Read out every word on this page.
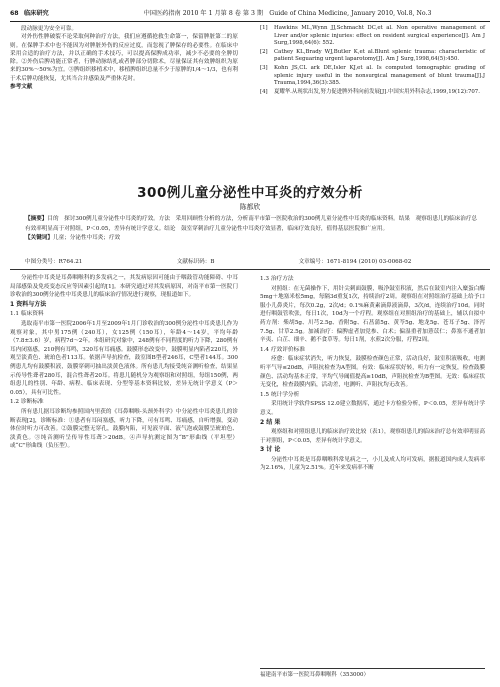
68 临床研究	中国医药指南 2010 年 1 月第 8 卷 第 3 期　Guide of China Medicine, January 2010, Vol.8, No.3

段动脉更为安全可靠。

对外伤性脾破裂不论采取何种治疗方法，我们应遵循抢救生命第一，保留脾脏第二的原则。在保脾手术中也不能因为对脾脏外伤的反应过度，而忽视了脾保存的必要性。在临床中采用合适的治疗方法，并以正确的手术技巧，可以提高保脾成功率，减少不必要的全脾切除。②外伤后脾功能正常者，行脾动脉结扎或者脾部分切除术，尽量保证其有效脾组织为原来的30%～50%为宜。③脾组织移植术中，移植脾组织总量不少于原脾的1/4～1/3，也有利于术后脾功能恢复，尤其当合并感染及严重休克时。

参考文献

[1]	Hawkins ML,Wynn JJ,Schmacht DC,et al. Non operative management of Liver and/or splenic injuries: effect on resident surgical experience[J]. Am J Surg,1998,64(6): 552.
[2]	Cathey KL,Brady WJ,Butler K,et al.Blunt splenic trauma: characteristic of patient Seguaring urgent laparotomy[J]. Am J Surg,1998,64(5):450.
[3]	Kohn JS,CL ark DE,Isler KJ,et al. Is computed tomographic grading of splenic injury useful in the nonsurgical management of blunt trauma[J].J Trauma,1994,36(3):385.
[4]	夏耀华.从现状出发,努力促进脾外科向前发展[J].中国实用外科杂志,1999,19(12):707.
300例儿童分泌性中耳炎的疗效分析
陈都欣
【摘要】目的　探讨300例儿童分泌性中耳炎的疗效。方法　采用回顾性分析的方法，分析南平市第一医院收治的300例儿童分泌性中耳炎的临床资料。结果　观察组患儿的临床治疗总有效率明显高于对照组，P＜0.05，差异有统计学意义。结论　鼓室穿刺治疗儿童分泌性中耳炎疗效显著，临床疗效良好，值得基层医院推广应用。
【关键词】儿童；分泌性中耳炎；疗效
中图分类号：R764.21	文献标识码：B	文章编号：1671-8194 (2010) 03-0068-02

分泌性中耳炎是耳鼻咽喉科的多发病之一，其发病原因可能由于咽鼓管功能障碍、中耳局部感染及免疫变态反应等因素引起的[1]。本研究通过对其发病原因，对南平市第一医院门诊收治的300例分泌性中耳炎患儿的临床治疗情况进行观察，现报道如下。

1 资料与方法
1.1 临床资料

选取南平市第一医院2006年1月至2009年1月门诊收治的300例分泌性中耳炎患儿作为观察对象，其中男175例（240耳），女125例（150耳），年龄4～14岁，平均年龄（7.8±3.6）岁，病程7d～2年。本组研究对象中，248例有不同程度的听力下降，280例有耳内闭塞感，210例有耳鸣，320耳有耳痛感。鼓膜形态改变中，鼓膜明显内陷者220耳，外观呈淡黄色、琥珀色者113耳。依据声导抗检查，鼓室图B型者246耳，C型者144耳。300例患儿均有鼓膜积液，鼓膜穿刺可抽出淡黄色液体。所有患儿均接受纯音测听检查，结果显示传导性聋者280耳，混合性聋者20耳。将患儿随机分为观察组和对照组，每组150例，两组患儿的性别、年龄、病程、临床表现、分型等基本资料比较，差异无统计学意义（P＞0.05），具有可比性。

1.2 诊断标准

所有患儿据耳诊断均参照国内里获的《耳鼻咽喉-头颈外科学》中分泌性中耳炎患儿的诊断表现[2]，诊断标准：①患者有耳闷塞感，听力下降，可有耳鸣、耳痛感，自听增强，变动体位时听力可改善。②鼓膜完整无穿孔，鼓膜内陷，可见液平面、液气泡或鼓膜呈琥珀色、淡黄色。③纯音测听呈传导性耳聋＞20dB。④声导抗测定图为“B”形曲线（平坦型）或“C”形曲线（负压型）。

1.3 治疗方法

对照组：在无菌操作下，用针尖刺面鼓膜，吸净鼓室积液，然后在鼓室内注入糜蛋白酶5mg＋地塞米松5mg，每隔3d重复1次，持续治疗2周。观察组在对照组治疗基础上给予口服小儿鼻炎片，每次0.2g，2次/d；0.1%麻黄素滴鼻液滴鼻，3次/d，连续治疗10d。同时进行咽鼓管吹张，每日1次，10d为一个疗程。观察组在对照组治疗的基础上，辅以自拟中药方剂：柴胡5g、川芎2.5g、香附5g、石菖蒲5g、黄芩5g、地龙5g、苍耳子5g、泽泻7.5g、甘草2.5g。加减治疗：偏脾虚者加党参、白术；偏湿重者加薏苡仁；鼻塞不通者加辛夷、白芷、细辛、鹅不食草等。每日1剂，水煎2次分服，疗程2周。

1.4 疗效评价标准

痊愈：临床症状消失，听力恢复，鼓膜检查颜色正常，活动良好，鼓室积液吸收，电测听平气导≤20dB，声阻抗检查为A型图。有效：临床症状好转，听力有一定恢复，检查鼓膜颜色、活动均基本正常，平均气导阈值提高≥10dB，声阻抗检查为B型图。无效：临床症状无变化，检查鼓膜内陷，活动差，电测听、声阻抗均无改善。

1.5 统计学分析

采用统计学软件SPSS 12.0建立数据库，通过卡方检验分析，P＜0.05，差异有统计学意义。

2 结 果

观察组和对照组患儿的临床治疗效比较（表1），观察组患儿的临床治疗总有效率明显高于对照组，P＜0.05，差异有统计学意义。

3 讨 论

分泌性中耳炎是耳鼻咽喉科常见病之一，小儿及成人均可发病，据报道国内成人发病率为2.16%，儿童为2.51%。近年来发病率不断

福建南平市第一医院耳鼻咽喉科（353000）
